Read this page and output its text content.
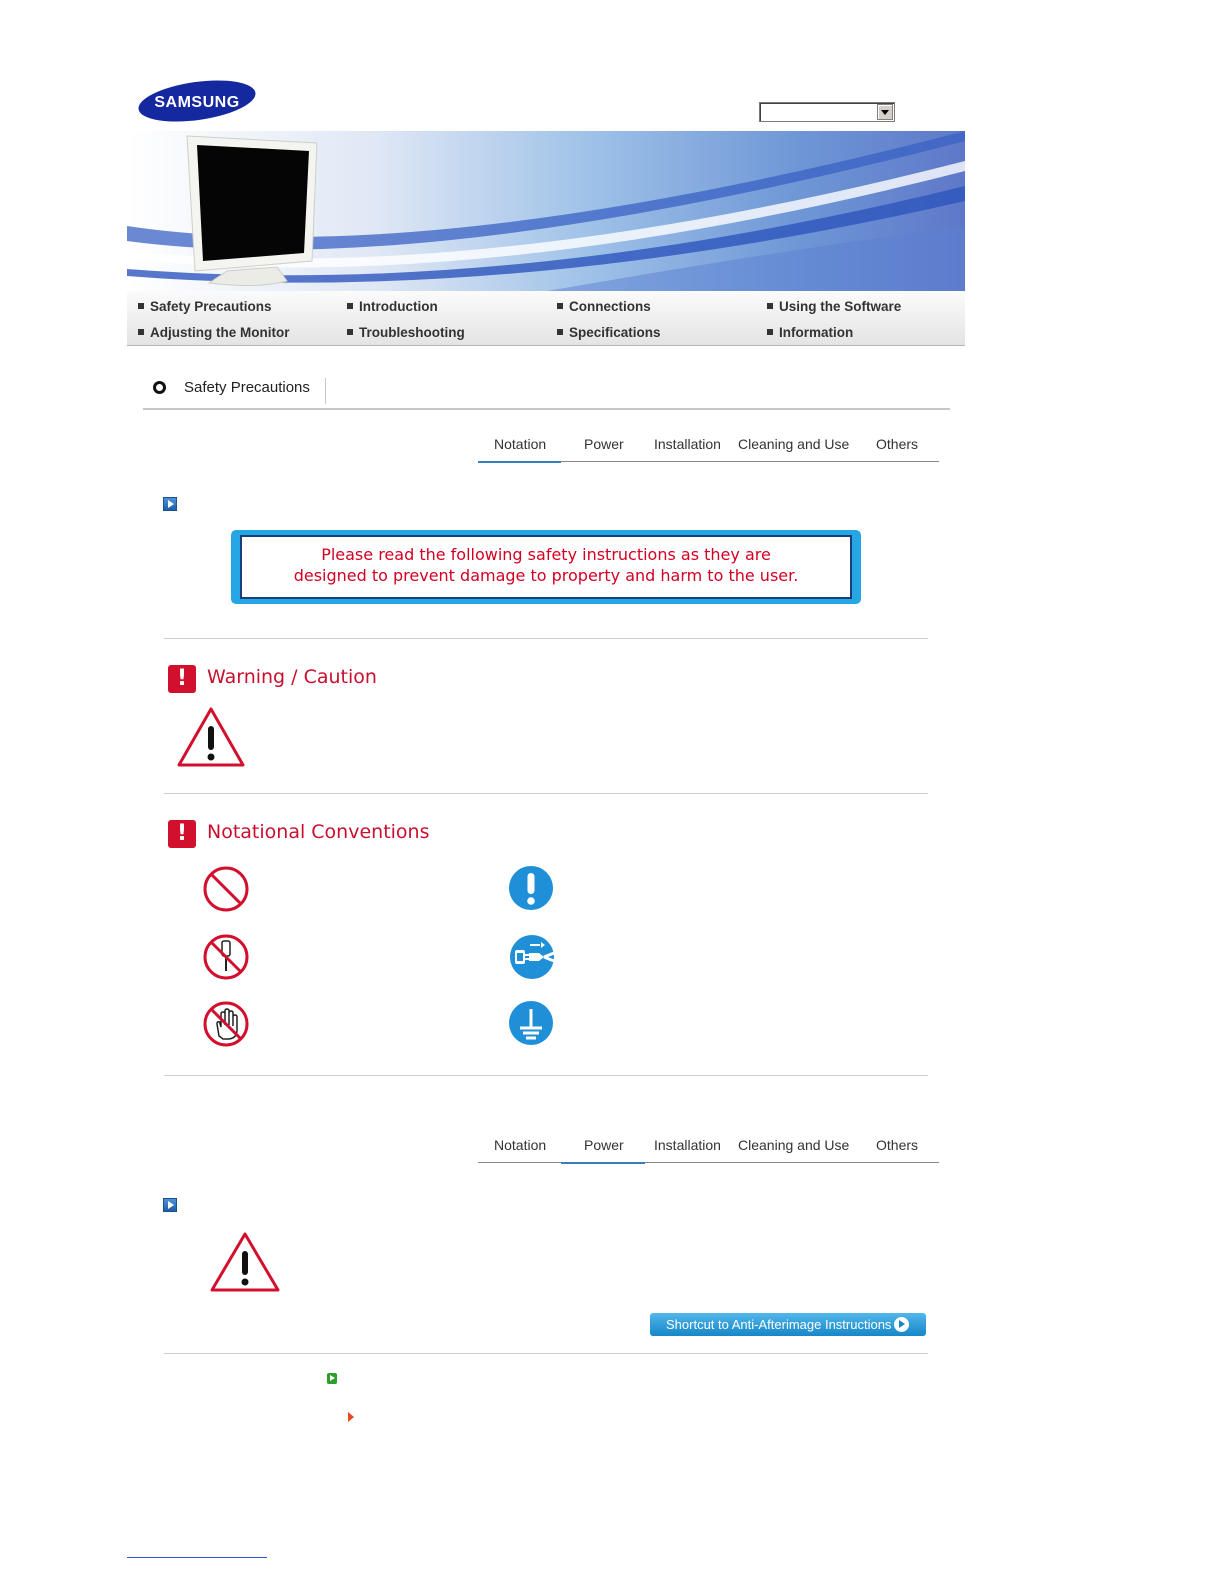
SAMSUNG
Safety Precautions	Introduction	Connections	Using the Software
Adjusting the Monitor	Troubleshooting	Specifications	Information
Safety Precautions
Notation	Power Installation Cleaning and Use Others
Please read the following safety instructions as they are
designed to prevent damage to property and harm to the user.
!	Warning / Caution
!	Notational Conventions
Notation	Power Installation Cleaning and Use Others
Shortcut to Anti-Afterimage Instructions
